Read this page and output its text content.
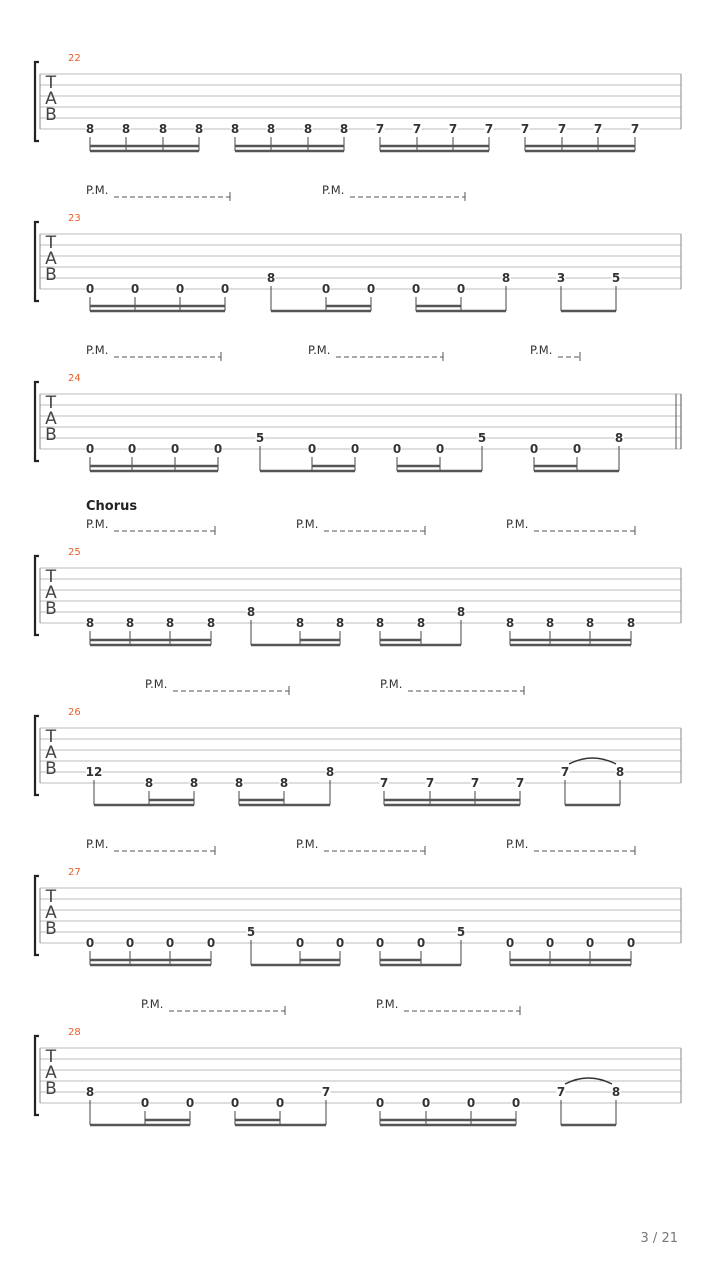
22
T
A
B
8 8 8 8 8 8 8 8 7 7 7 7 7 7 7 7
23
P.M.	P.M.
T
A
B
0	0	0	0
8
0	0	0	0
8	3	5
24
P.M.	P.M.	P.M.
T
A
B
0	0	0	0
5
0	0	0	0
5
0	0
8
25
Chorus
P.M.	P.M.	P.M.
T
A
B
8	8	8	8
8
8	8	8	8
8
8	8	8	8
26
P.M.	P.M.
T
A
B 12
8	8	8	8
8
7	7	7	7
7	8
27
P.M.	P.M.	P.M.
T
A
B
0	0	0	0
5
0	0	0	0
5
0	0	0	0
28
P.M.	P.M.
T
A
B 8
0	0	0	0
7
0	0	0	0
7	8
3 / 21
